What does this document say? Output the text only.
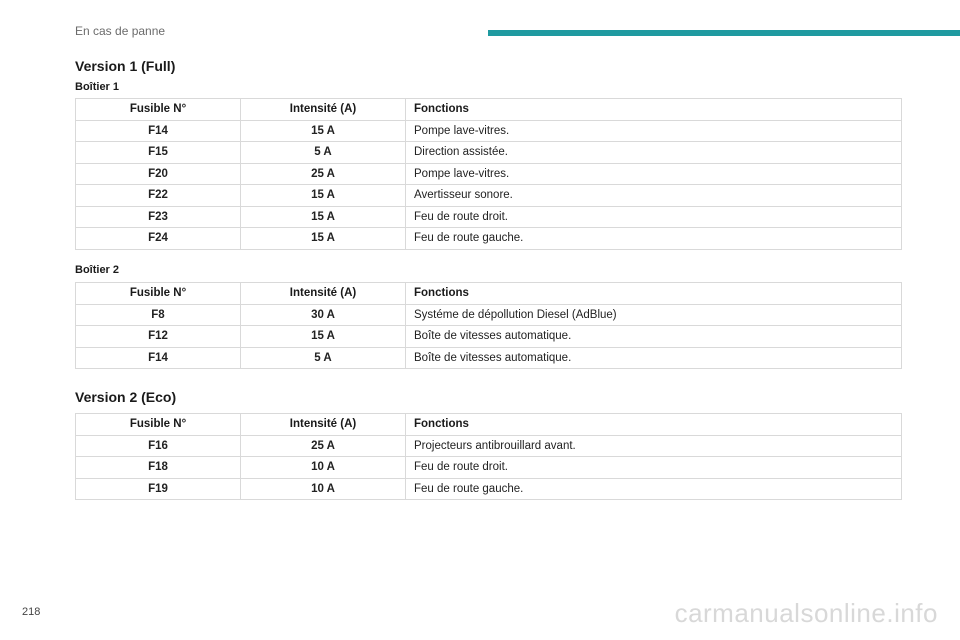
En cas de panne
Version 1 (Full)
Boîtier 1
Fusible N°	Intensité (A)	Fonctions
F14	15 A	Pompe lave-vitres.
F15	5 A	Direction assistée.
F20	25 A	Pompe lave-vitres.
F22	15 A	Avertisseur sonore.
F23	15 A	Feu de route droit.
F24	15 A	Feu de route gauche.
Boîtier 2
Fusible N°	Intensité (A)	Fonctions
F8	30 A	Systéme de dépollution Diesel (AdBlue)
F12	15 A	Boîte de vitesses automatique.
F14	5 A	Boîte de vitesses automatique.
Version 2 (Eco)
Fusible N°	Intensité (A)	Fonctions
F16	25 A	Projecteurs antibrouillard avant.
F18	10 A	Feu de route droit.
F19	10 A	Feu de route gauche.
218	carmanualsonline.info
